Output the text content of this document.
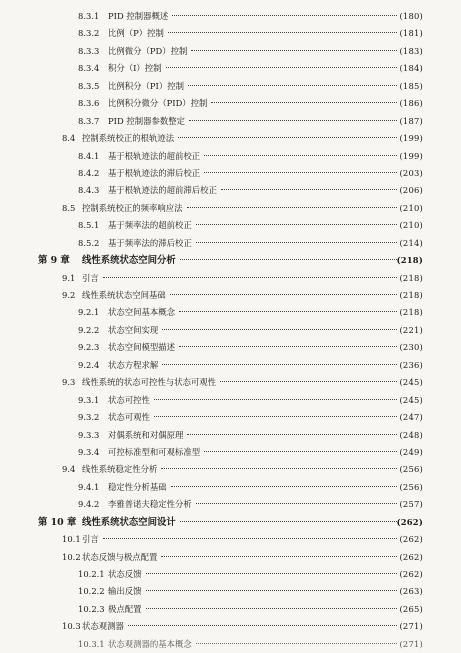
8.3.1	PID 控制器概述	(180)
8.3.2	比例（P）控制	(181)
8.3.3	比例微分（PD）控制	(183)
8.3.4	积分（I）控制	(184)
8.3.5	比例积分（PI）控制	(185)
8.3.6	比例积分微分（PID）控制	(186)
8.3.7	PID 控制器参数整定	(187)
8.4 控制系统校正的根轨迹法	(199)
8.4.1	基于根轨迹法的超前校正	(199)
8.4.2	基于根轨迹法的滞后校正	(203)
8.4.3	基于根轨迹法的超前滞后校正	(206)
8.5 控制系统校正的频率响应法	(210)
8.5.1	基于频率法的超前校正	(210)
8.5.2	基于频率法的滞后校正	(214)
第 9 章	线性系统状态空间分析	(218)
9.1 引言	(218)
9.2 线性系统状态空间基础	(218)
9.2.1	状态空间基本概念	(218)
9.2.2	状态空间实现	(221)
9.2.3	状态空间模型描述	(230)
9.2.4	状态方程求解	(236)
9.3 线性系统的状态可控性与状态可观性	(245)
9.3.1	状态可控性	(245)
9.3.2	状态可观性	(247)
9.3.3	对偶系统和对偶原理	(248)
9.3.4	可控标准型和可观标准型	(249)
9.4 线性系统稳定性分析	(256)
9.4.1	稳定性分析基础	(256)
9.4.2	李雅普诺夫稳定性分析	(257)
第 10 章 线性系统状态空间设计	(262)
10.1 引言	(262)
10.2 状态反馈与极点配置	(262)
10.2.1 状态反馈	(262)
10.2.2 输出反馈	(263)
10.2.3 极点配置	(265)
10.3 状态观测器	(271)
10.3.1 状态观测器的基本概念	(271)
